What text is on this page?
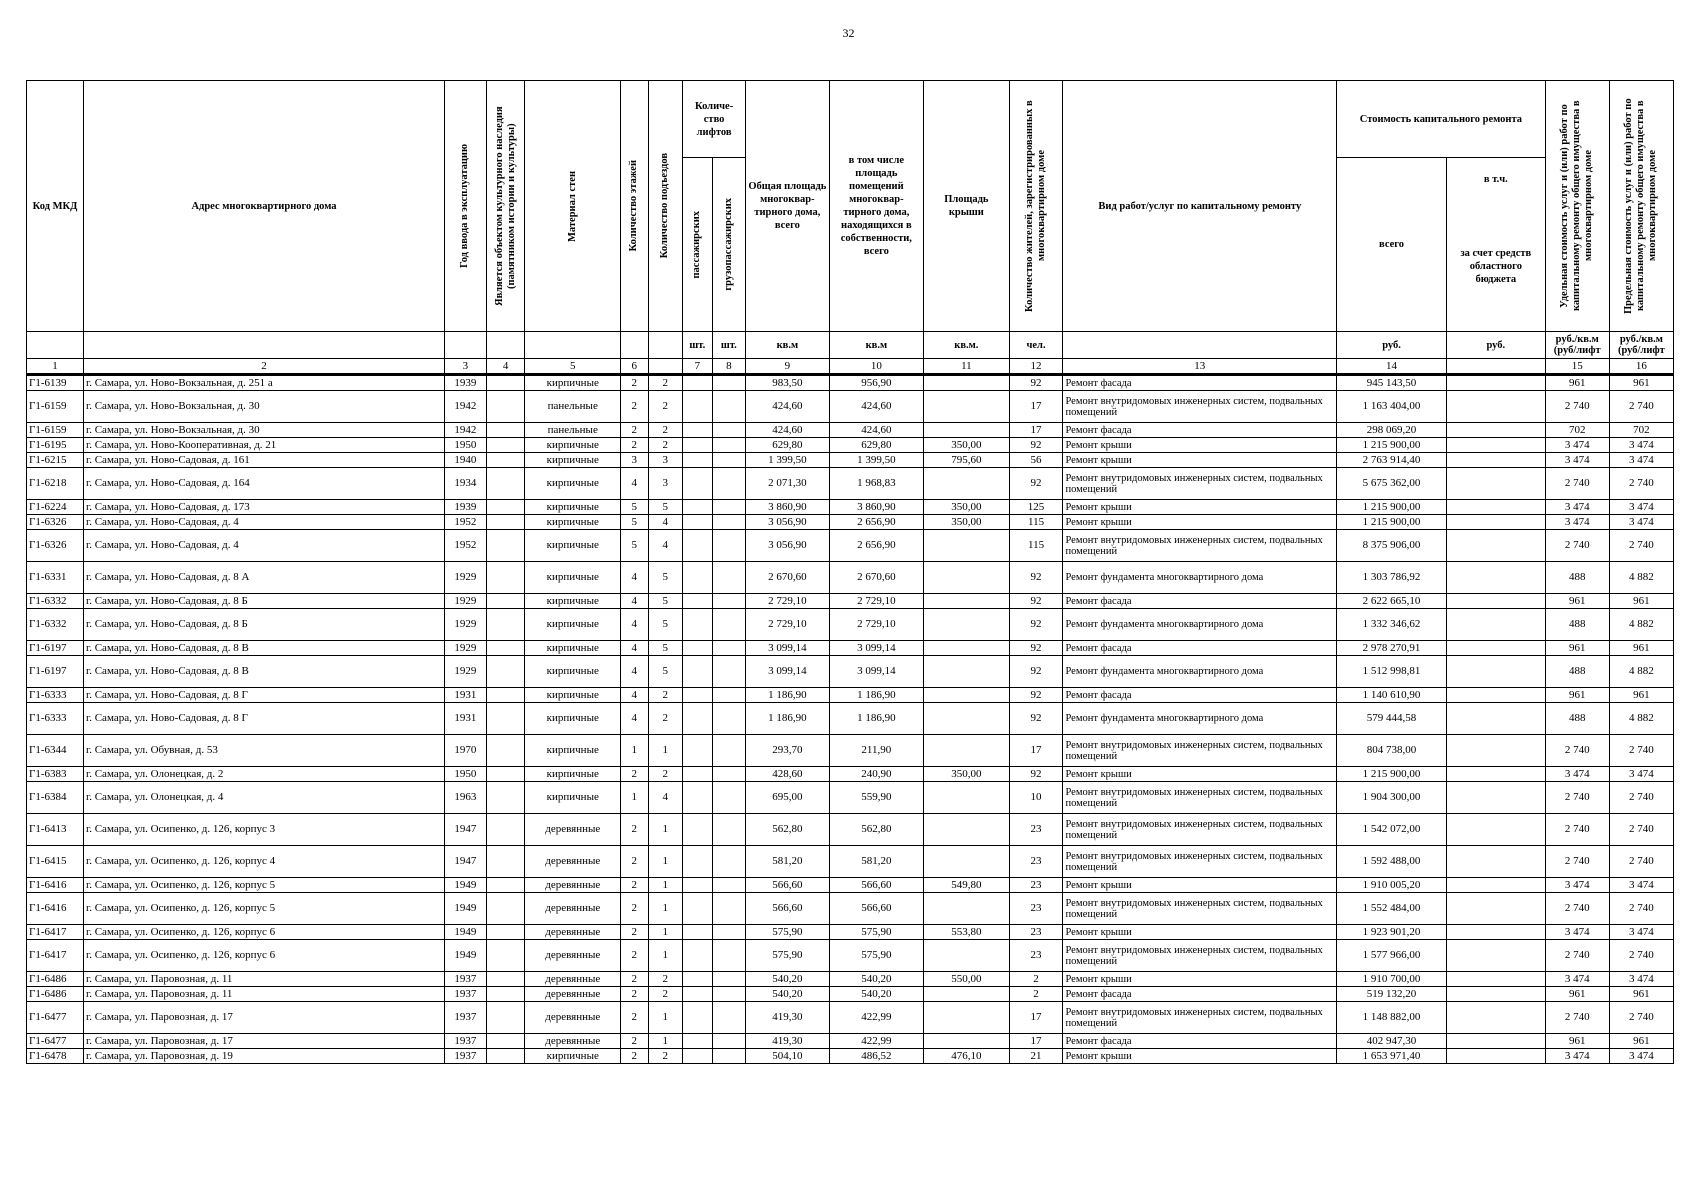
32
Код МКД	Адрес многоквартирного дома	Год ввода в эксплуатацию	Является объектом культурного наследия (памятником истории и культуры)	Материал стен	Количество этажей	Количество подъездов	Количе-ство лифтов		Общая площадь многоквар-тирного дома, всего	в том числе площадь помещений многоквар-тирного дома, находящихся в собственности, всего	Площадь крыши	Количество жителей, зарегистрированных в многоквартирном доме	Вид работ/услуг по капитальному ремонту	Стоимость капитального ремонта		Удельная стоимость услуг и (или) работ по капитальному ремонту общего имущества в многоквартирном доме	Предельная стоимость услуг и (или) работ по капитальному ремонту общего имущества в многоквартирном доме

							пассажирских	грузопассажирских						всего	в т.ч.		
															за счет средств областного бюджета		
							шт.	шт.	кв.м	кв.м	кв.м.	чел.		руб.	руб.	руб./кв.м (руб/лифт	руб./кв.м (руб/лифт
1	2	3	4	5	6		7	8	9	10	11	12	13	14		15	16
Г1-6139	г. Самара, ул. Ново-Вокзальная, д. 251 а	1939		кирпичные	2	2			983,50	956,90		92	Ремонт фасада	945 143,50		961	961
Г1-6159	г. Самара, ул. Ново-Вокзальная, д. 30	1942		панельные	2	2			424,60	424,60		17	Ремонт внутридомовых инженерных систем, подвальных помещений	1 163 404,00		2 740	2 740
Г1-6159	г. Самара, ул. Ново-Вокзальная, д. 30	1942		панельные	2	2			424,60	424,60		17	Ремонт фасада	298 069,20		702	702
Г1-6195	г. Самара, ул. Ново-Кооперативная, д. 21	1950		кирпичные	2	2			629,80	629,80	350,00	92	Ремонт крыши	1 215 900,00		3 474	3 474
Г1-6215	г. Самара, ул. Ново-Садовая, д. 161	1940		кирпичные	3	3			1 399,50	1 399,50	795,60	56	Ремонт крыши	2 763 914,40		3 474	3 474
Г1-6218	г. Самара, ул. Ново-Садовая, д. 164	1934		кирпичные	4	3			2 071,30	1 968,83		92	Ремонт внутридомовых инженерных систем, подвальных помещений	5 675 362,00		2 740	2 740
Г1-6224	г. Самара, ул. Ново-Садовая, д. 173	1939		кирпичные	5	5			3 860,90	3 860,90	350,00	125	Ремонт крыши	1 215 900,00		3 474	3 474
Г1-6326	г. Самара, ул. Ново-Садовая, д. 4	1952		кирпичные	5	4			3 056,90	2 656,90	350,00	115	Ремонт крыши	1 215 900,00		3 474	3 474
Г1-6326	г. Самара, ул. Ново-Садовая, д. 4	1952		кирпичные	5	4			3 056,90	2 656,90		115	Ремонт внутридомовых инженерных систем, подвальных помещений	8 375 906,00		2 740	2 740
Г1-6331	г. Самара, ул. Ново-Садовая, д. 8 А	1929		кирпичные	4	5			2 670,60	2 670,60		92	Ремонт фундамента многоквартирного дома	1 303 786,92		488	4 882
Г1-6332	г. Самара, ул. Ново-Садовая, д. 8 Б	1929		кирпичные	4	5			2 729,10	2 729,10		92	Ремонт фасада	2 622 665,10		961	961
Г1-6332	г. Самара, ул. Ново-Садовая, д. 8 Б	1929		кирпичные	4	5			2 729,10	2 729,10		92	Ремонт фундамента многоквартирного дома	1 332 346,62		488	4 882
Г1-6197	г. Самара, ул. Ново-Садовая, д. 8 В	1929		кирпичные	4	5			3 099,14	3 099,14		92	Ремонт фасада	2 978 270,91		961	961
Г1-6197	г. Самара, ул. Ново-Садовая, д. 8 В	1929		кирпичные	4	5			3 099,14	3 099,14		92	Ремонт фундамента многоквартирного дома	1 512 998,81		488	4 882
Г1-6333	г. Самара, ул. Ново-Садовая, д. 8 Г	1931		кирпичные	4	2			1 186,90	1 186,90		92	Ремонт фасада	1 140 610,90		961	961
Г1-6333	г. Самара, ул. Ново-Садовая, д. 8 Г	1931		кирпичные	4	2			1 186,90	1 186,90		92	Ремонт фундамента многоквартирного дома	579 444,58		488	4 882
Г1-6344	г. Самара, ул. Обувная, д. 53	1970		кирпичные	1	1			293,70	211,90		17	Ремонт внутридомовых инженерных систем, подвальных помещений	804 738,00		2 740	2 740
Г1-6383	г. Самара, ул. Олонецкая, д. 2	1950		кирпичные	2	2			428,60	240,90	350,00	92	Ремонт крыши	1 215 900,00		3 474	3 474
Г1-6384	г. Самара, ул. Олонецкая, д. 4	1963		кирпичные	1	4			695,00	559,90		10	Ремонт внутридомовых инженерных систем, подвальных помещений	1 904 300,00		2 740	2 740
Г1-6413	г. Самара, ул. Осипенко, д. 126, корпус 3	1947		деревянные	2	1			562,80	562,80		23	Ремонт внутридомовых инженерных систем, подвальных помещений	1 542 072,00		2 740	2 740
Г1-6415	г. Самара, ул. Осипенко, д. 126, корпус 4	1947		деревянные	2	1			581,20	581,20		23	Ремонт внутридомовых инженерных систем, подвальных помещений	1 592 488,00		2 740	2 740
Г1-6416	г. Самара, ул. Осипенко, д. 126, корпус 5	1949		деревянные	2	1			566,60	566,60	549,80	23	Ремонт крыши	1 910 005,20		3 474	3 474
Г1-6416	г. Самара, ул. Осипенко, д. 126, корпус 5	1949		деревянные	2	1			566,60	566,60		23	Ремонт внутридомовых инженерных систем, подвальных помещений	1 552 484,00		2 740	2 740
Г1-6417	г. Самара, ул. Осипенко, д. 126, корпус 6	1949		деревянные	2	1			575,90	575,90	553,80	23	Ремонт крыши	1 923 901,20		3 474	3 474
Г1-6417	г. Самара, ул. Осипенко, д. 126, корпус 6	1949		деревянные	2	1			575,90	575,90		23	Ремонт внутридомовых инженерных систем, подвальных помещений	1 577 966,00		2 740	2 740
Г1-6486	г. Самара, ул. Паровозная, д. 11	1937		деревянные	2	2			540,20	540,20	550,00	2	Ремонт крыши	1 910 700,00		3 474	3 474
Г1-6486	г. Самара, ул. Паровозная, д. 11	1937		деревянные	2	2			540,20	540,20		2	Ремонт фасада	519 132,20		961	961
Г1-6477	г. Самара, ул. Паровозная, д. 17	1937		деревянные	2	1			419,30	422,99		17	Ремонт внутридомовых инженерных систем, подвальных помещений	1 148 882,00		2 740	2 740
Г1-6477	г. Самара, ул. Паровозная, д. 17	1937		деревянные	2	1			419,30	422,99		17	Ремонт фасада	402 947,30		961	961
Г1-6478	г. Самара, ул. Паровозная, д. 19	1937		кирпичные	2	2			504,10	486,52	476,10	21	Ремонт крыши	1 653 971,40		3 474	3 474
